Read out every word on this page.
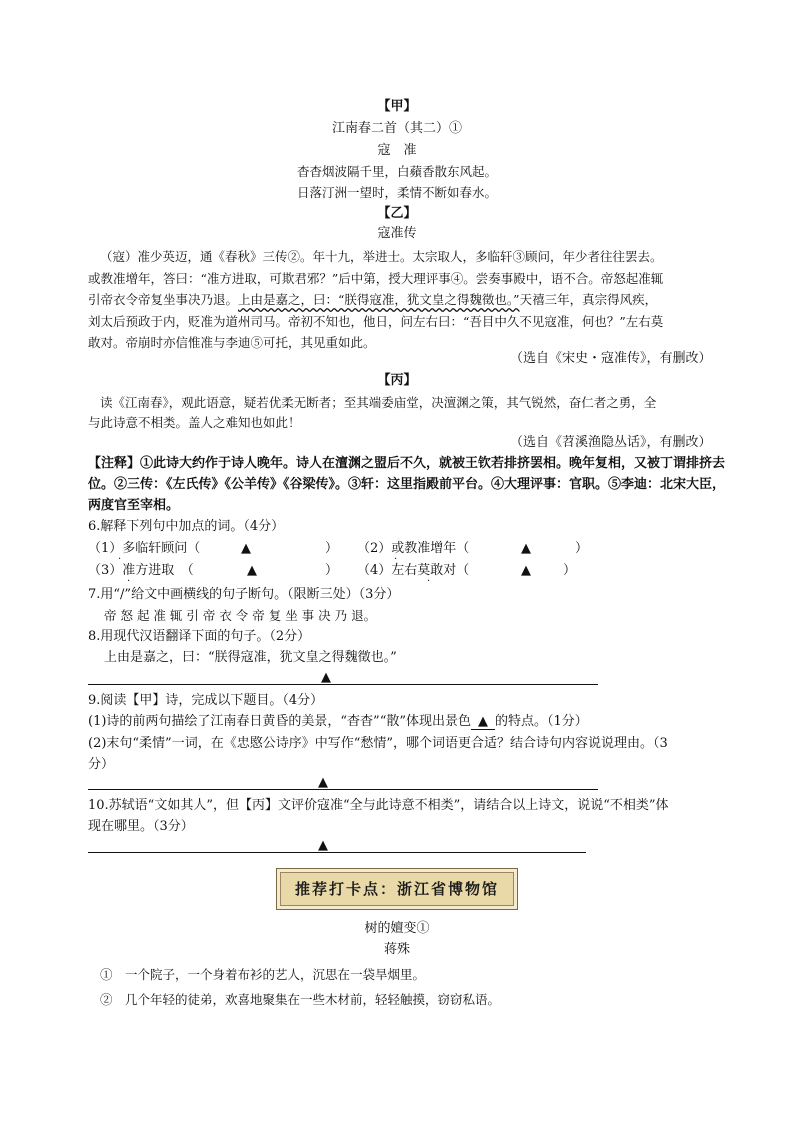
【甲】
江南春二首（其二）①
寇　准
杳杳烟波隔千里，白蘋香散东风起。
日落汀洲一望时，柔情不断如春水。
【乙】
寇准传
（寇）准少英迈，通《春秋》三传②。年十九，举进士。太宗取人，多临轩③顾问，年少者往往罢去。
或教准增年，答曰：“准方进取，可欺君邪？”后中第，授大理评事④。尝奏事殿中，语不合。帝怒起准辄
引帝衣令帝复坐事决乃退。上由是嘉之，曰：“朕得寇准，犹文皇之得魏徵也。”天禧三年，真宗得风疾，
刘太后预政于内，贬准为道州司马。帝初不知也，他日，问左右曰：“吾目中久不见寇准，何也？”左右莫
敢对。帝崩时亦信惟准与李迪⑤可托，其见重如此。
（选自《宋史・寇准传》，有删改）
【丙】
读《江南春》，观此语意，疑若优柔无断者；至其端委庙堂，决澶渊之策，其气锐然，奋仁者之勇，全
与此诗意不相类。盖人之难知也如此！
（选自《苕溪渔隐丛话》，有删改）
【注释】①此诗大约作于诗人晚年。诗人在澶渊之盟后不久，就被王钦若排挤罢相。晚年复相，又被丁谓排挤去
位。②三传：《左氏传》《公羊传》《谷梁传》。③轩：这里指殿前平台。④大理评事：官职。⑤李迪：北宋大臣，
两度官至宰相。
6.解释下列句中加点的词。（4分）
（1）多临轩顾问（	▲	）
·
（2）或教准增年（	▲	）
·
（3）准方进取　（	▲	）
·
（4）左右莫敢对（	▲ ）
·
7.用“/”给文中画横线的句子断句。（限断三处）（3分）
帝 怒 起 准 辄 引 帝 衣 令 帝 复 坐 事 决 乃 退。
8.用现代汉语翻译下面的句子。（2分）
上由是嘉之，曰：“朕得寇准，犹文皇之得魏徵也。”
▲
9.阅读【甲】诗，完成以下题目。（4分）
(1)诗的前两句描绘了江南春日黄昏的美景，“杳杳”“散”体现出景色 ▲ 的特点。（1分）
(2)末句“柔情”一词，在《忠愍公诗序》中写作“愁情”，哪个词语更合适？结合诗句内容说说理由。（3
分）
▲
10.苏轼语“文如其人”，但【丙】文评价寇准“全与此诗意不相类”，请结合以上诗文，说说“不相类”体
现在哪里。（3分）
▲
推荐打卡点：浙江省博物馆
树的嬗变①
蒋殊
①　一个院子，一个身着布衫的艺人，沉思在一袋旱烟里。
②　几个年轻的徒弟，欢喜地聚集在一些木材前，轻轻触摸，窃窃私语。
